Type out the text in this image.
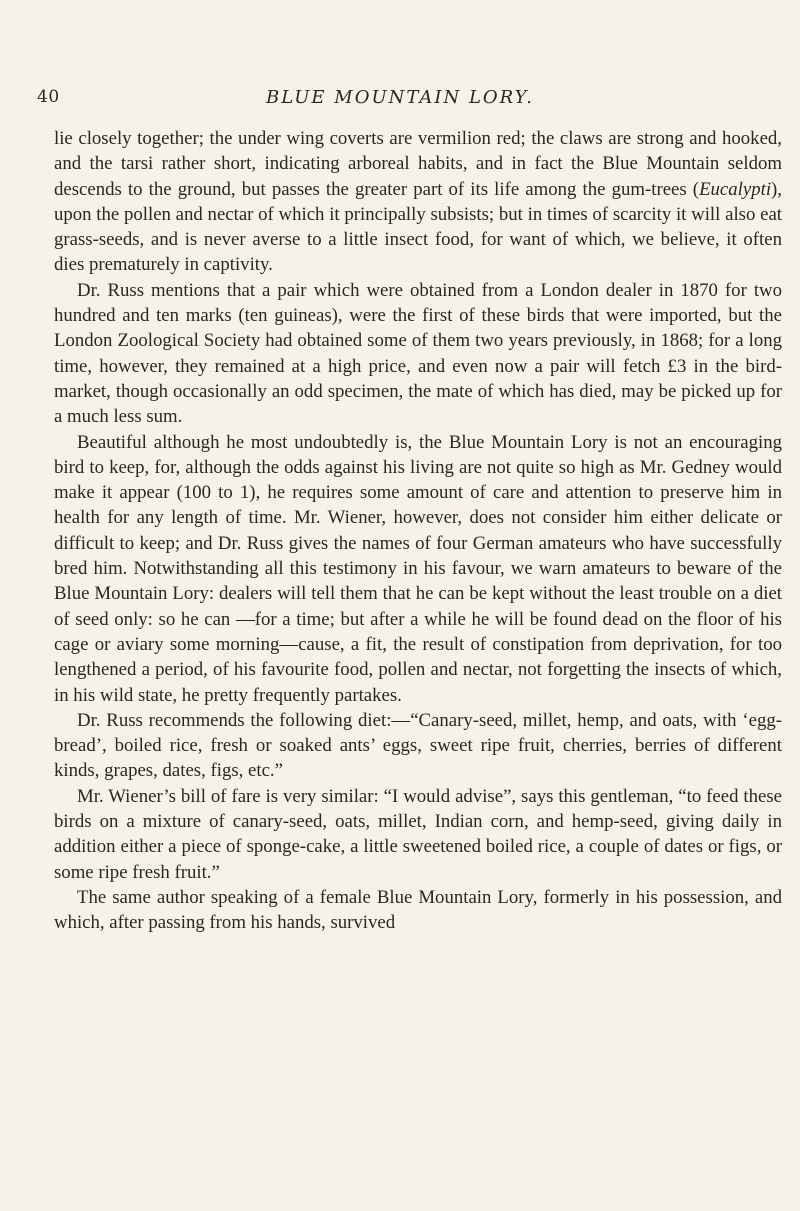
40	BLUE MOUNTAIN LORY.

lie closely together; the under wing coverts are vermilion red; the claws are strong and hooked, and the tarsi rather short, indicating arboreal habits, and in fact the Blue Mountain seldom descends to the ground, but passes the greater part of its life among the gum-trees (Eucalypti), upon the pollen and nectar of which it principally subsists; but in times of scarcity it will also eat grass-seeds, and is never averse to a little insect food, for want of which, we believe, it often dies prematurely in captivity.

Dr. Russ mentions that a pair which were obtained from a London dealer in 1870 for two hundred and ten marks (ten guineas), were the first of these birds that were imported, but the London Zoological Society had obtained some of them two years previously, in 1868; for a long time, however, they remained at a high price, and even now a pair will fetch £3 in the bird-market, though occasionally an odd specimen, the mate of which has died, may be picked up for a much less sum.

Beautiful although he most undoubtedly is, the Blue Mountain Lory is not an encouraging bird to keep, for, although the odds against his living are not quite so high as Mr. Gedney would make it appear (100 to 1), he requires some amount of care and attention to preserve him in health for any length of time. Mr. Wiener, however, does not consider him either delicate or difficult to keep; and Dr. Russ gives the names of four German amateurs who have successfully bred him. Notwithstanding all this testimony in his favour, we warn amateurs to beware of the Blue Mountain Lory: dealers will tell them that he can be kept without the least trouble on a diet of seed only: so he can —for a time; but after a while he will be found dead on the floor of his cage or aviary some morning—cause, a fit, the result of constipation from deprivation, for too lengthened a period, of his favourite food, pollen and nectar, not forgetting the insects of which, in his wild state, he pretty frequently partakes.

Dr. Russ recommends the following diet:—“Canary-seed, millet, hemp, and oats, with ‘egg-bread’, boiled rice, fresh or soaked ants’ eggs, sweet ripe fruit, cherries, berries of different kinds, grapes, dates, figs, etc.”

Mr. Wiener’s bill of fare is very similar: “I would advise”, says this gentleman, “to feed these birds on a mixture of canary-seed, oats, millet, Indian corn, and hemp-seed, giving daily in addition either a piece of sponge-cake, a little sweetened boiled rice, a couple of dates or figs, or some ripe fresh fruit.”

The same author speaking of a female Blue Mountain Lory, formerly in his possession, and which, after passing from his hands, survived
